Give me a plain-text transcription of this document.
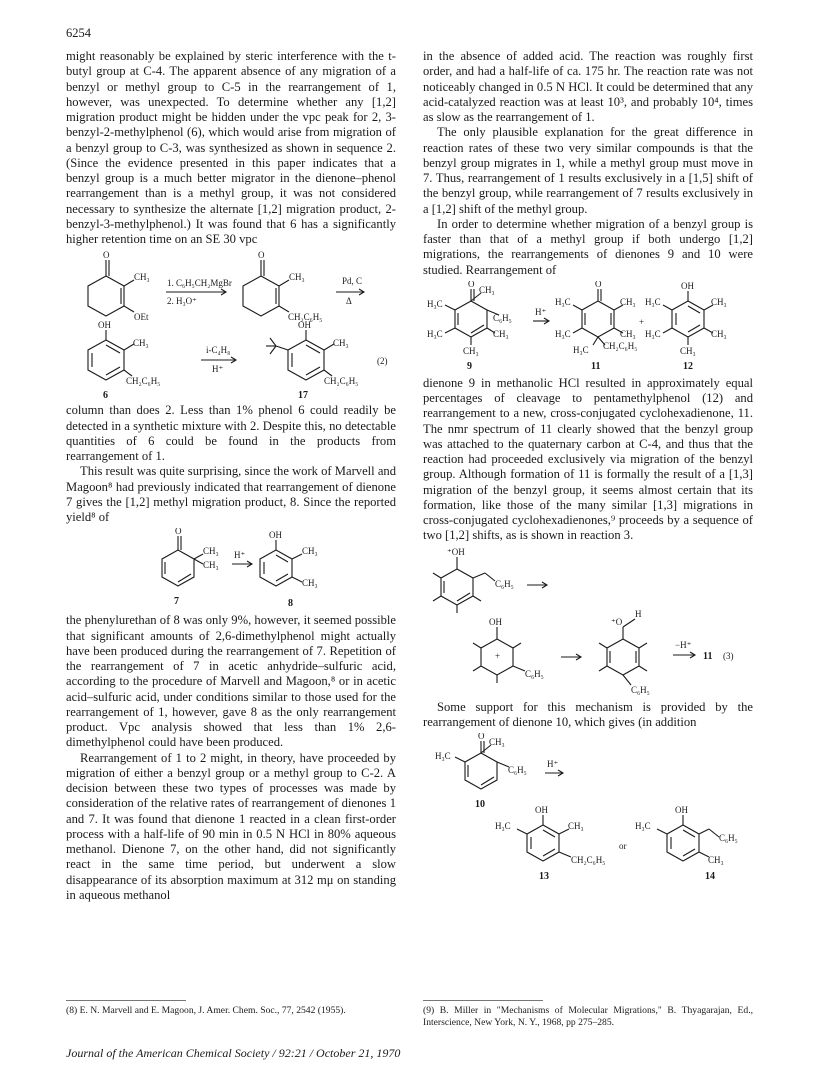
6254

might reasonably be explained by steric interference with the t-butyl group at C-4. The apparent absence of any migration of a benzyl or methyl group to C-5 in the rearrangement of 1, however, was unexpected. To determine whether any [1,2] migration product might be hidden under the vpc peak for 2, 3-benzyl-2-methylphenol (6), which would arise from migration of a benzyl group to C-3, was synthesized as shown in sequence 2. (Since the evidence presented in this paper indicates that a benzyl group is a much better migrator in the dienone–phenol rearrangement than is a methyl group, it was not considered necessary to synthesize the alternate [1,2] migration product, 2-benzyl-3-methylphenol.) It was found that 6 has a significantly higher retention time on an SE 30 vpc

O
CH₃
OEt
1. C₆H₅CH₂MgBr
2. H₃O⁺
O
CH₃
CH₂C₆H₅
Pd, C
Δ
OH
CH₃
CH₂C₆H₅
6
i-C₄H₈
H⁺
OH
CH₃
CH₂C₆H₅
17
(2)

column than does 2. Less than 1% phenol 6 could readily be detected in a synthetic mixture with 2. Despite this, no detectable quantities of 6 could be found in the products from rearrangement of 1.

This result was quite surprising, since the work of Marvell and Magoon⁸ had previously indicated that rearrangement of dienone 7 gives the [1,2] methyl migration product, 8. Since the reported yield⁸ of

O
CH₃
CH₃
7
H⁺
OH
CH₃
CH₃
8

the phenylurethan of 8 was only 9%, however, it seemed possible that significant amounts of 2,6-dimethylphenol might actually have been produced during the rearrangement of 7. Repetition of the rearrangement of 7 in acetic anhydride–sulfuric acid, according to the procedure of Marvell and Magoon,⁸ or in acetic acid–sulfuric acid, under conditions similar to those used for the rearrangement of 1, however, gave 8 as the only rearrangement product. Vpc analysis showed that less than 1% 2,6-dimethylphenol could have been produced.

Rearrangement of 1 to 2 might, in theory, have proceeded by migration of either a benzyl group or a methyl group to C-2. A decision between these two types of processes was made by consideration of the relative rates of rearrangement of dienones 1 and 7. It was found that dienone 1 reacted in a clean first-order process with a half-life of 90 min in 0.5 N HCl in 80% aqueous methanol. Dienone 7, on the other hand, did not significantly react in the same time period, but underwent a slow disappearance of its absorption maximum at 312 mμ on standing in aqueous methanol

in the absence of added acid. The reaction was roughly first order, and had a half-life of ca. 175 hr. The reaction rate was not noticeably changed in 0.5 N HCl. It could be determined that any acid-catalyzed reaction was at least 10³, and probably 10⁴, times as slow as the rearrangement of 1.

The only plausible explanation for the great difference in reaction rates of these two very similar compounds is that the benzyl group migrates in 1, while a methyl group must move in 7. Thus, rearrangement of 1 results exclusively in a [1,5] shift of the benzyl group, while rearrangement of 7 results exclusively in a [1,2] shift of the methyl group.

In order to determine whether migration of a benzyl group is faster than that of a methyl group if both undergo [1,2] migrations, the rearrangements of dienones 9 and 10 were studied. Rearrangement of

O
CH₃
C₆H₅
H₃C
H₃C	CH₃
CH₃
9
H⁺
O
CH₃
H₃C
H₃C	CH₃
H₃C CH₂C₆H₅
11
+
OH
CH₃
H₃C
H₃C	CH₃
CH₃
12

dienone 9 in methanolic HCl resulted in approximately equal percentages of cleavage to pentamethylphenol (12) and rearrangement to a new, cross-conjugated cyclohexadienone, 11. The nmr spectrum of 11 clearly showed that the benzyl group was attached to the quaternary carbon at C-4, and thus that the reaction had proceeded exclusively via migration of the benzyl group. Although formation of 11 is formally the result of a [1,3] migration of the benzyl group, it seems almost certain that its formation, like those of the many similar [1,3] migrations in cross-conjugated cyclohexadienones,⁹ proceeds by a sequence of two [1,2] shifts, as is shown in reaction 3.

⁺OH
C₆H₅
OH
+
C₆H₅
⁺O
H
C₆H₅
−H⁺
11 (3)

Some support for this mechanism is provided by the rearrangement of dienone 10, which gives (in addition

O
CH₃
C₆H₅
H₃C
10
H⁺
OH
CH₃
H₃C
CH₂C₆H₅
13
or
OH
C₆H₅
H₃C
CH₃
14
(8) E. N. Marvell and E. Magoon, J. Amer. Chem. Soc., 77, 2542 (1955).	(9) B. Miller in "Mechanisms of Molecular Migrations," B. Thyagarajan, Ed., Interscience, New York, N. Y., 1968, pp 275–285.
Journal of the American Chemical Society / 92:21 / October 21, 1970
